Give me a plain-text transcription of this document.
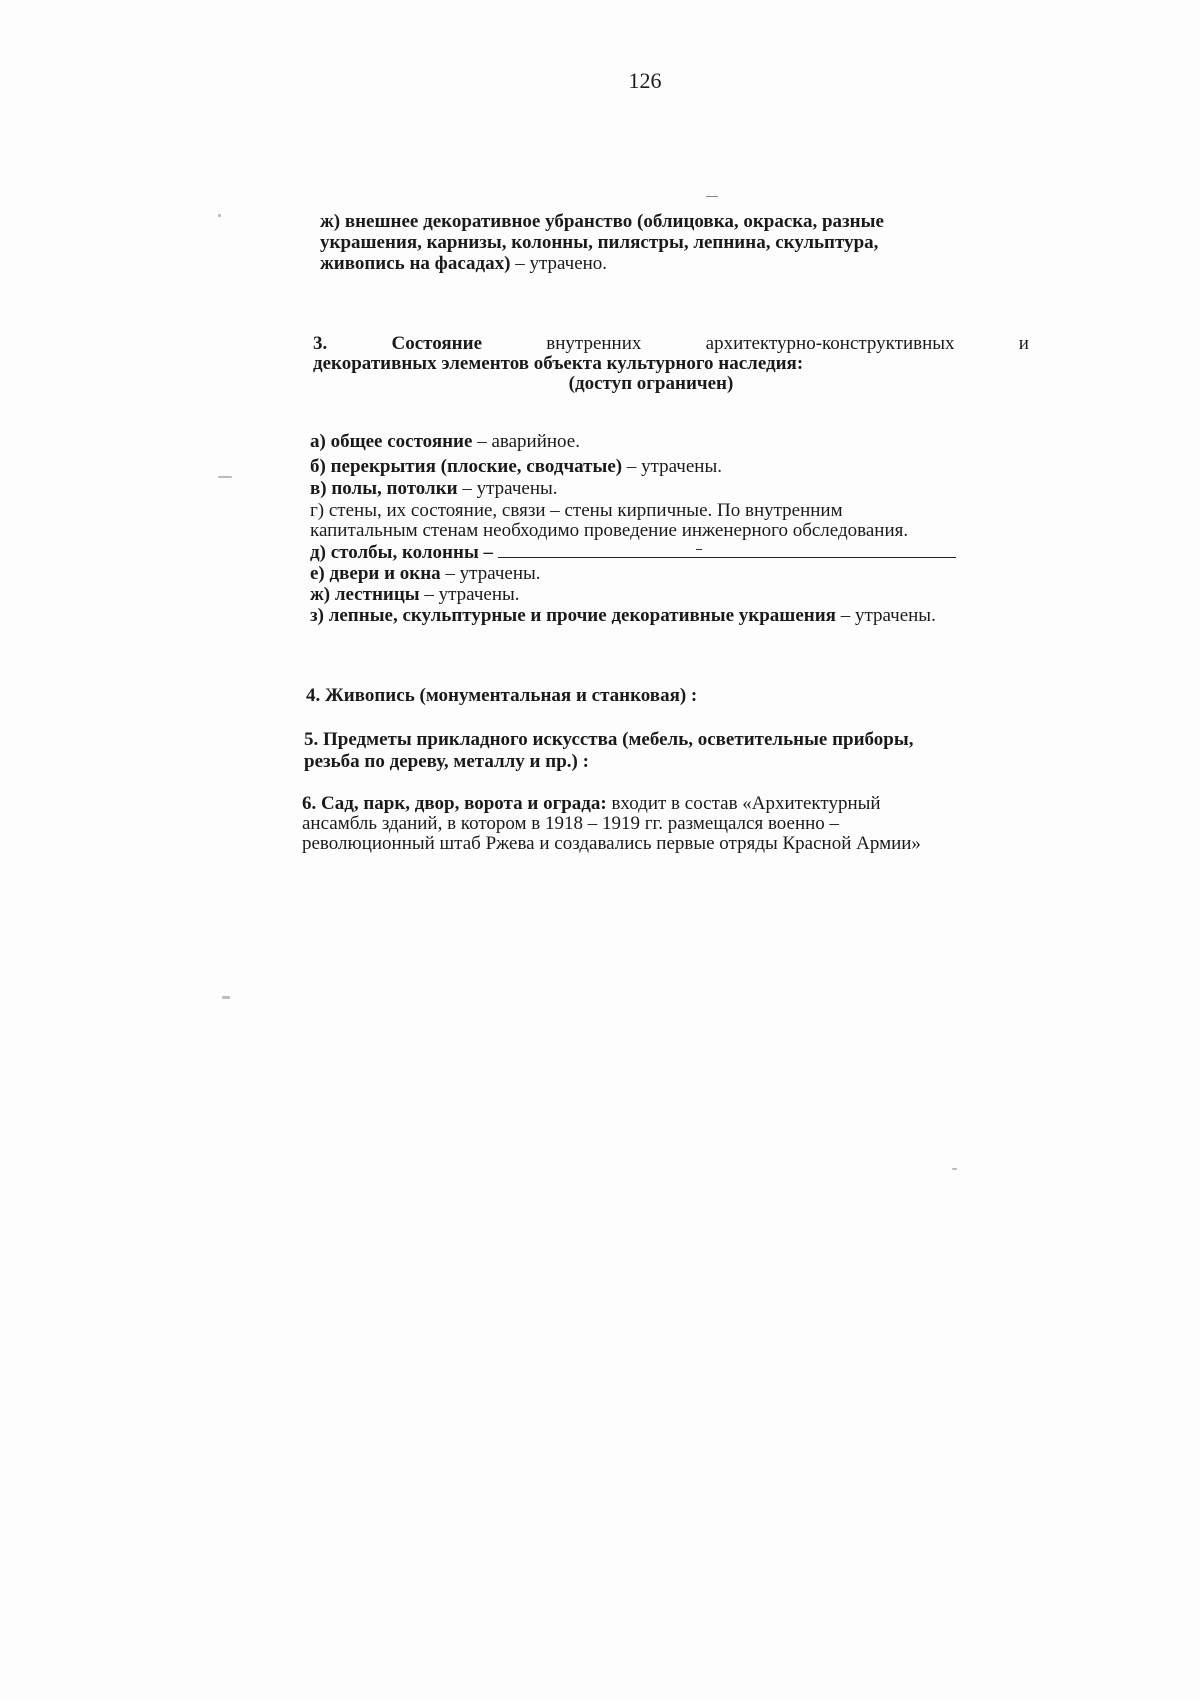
126
ж) внешнее декоративное убранство (облицовка, окраска, разные
украшения, карнизы, колонны, пилястры, лепнина, скульптура,
живопись на фасадах) – утрачено.
3.	Состояние	внутренних	архитектурно-конструктивных	и
декоративных элементов объекта культурного наследия:
(доступ ограничен)
а) общее состояние – аварийное.
б) перекрытия (плоские, сводчатые) – утрачены.
в) полы, потолки – утрачены.
г) стены, их состояние, связи – стены кирпичные. По внутренним
капитальным стенам необходимо проведение инженерного обследования.
д) столбы, колонны –
е) двери и окна – утрачены.
ж) лестницы – утрачены.
з) лепные, скульптурные и прочие декоративные украшения – утрачены.
4. Живопись (монументальная и станковая) :
5. Предметы прикладного искусства (мебель, осветительные приборы,
резьба по дереву, металлу и пр.) :
6. Сад, парк, двор, ворота и ограда: входит в состав «Архитектурный
ансамбль зданий, в котором в 1918 – 1919 гг. размещался военно –
революционный штаб Ржева и создавались первые отряды Красной Армии»
